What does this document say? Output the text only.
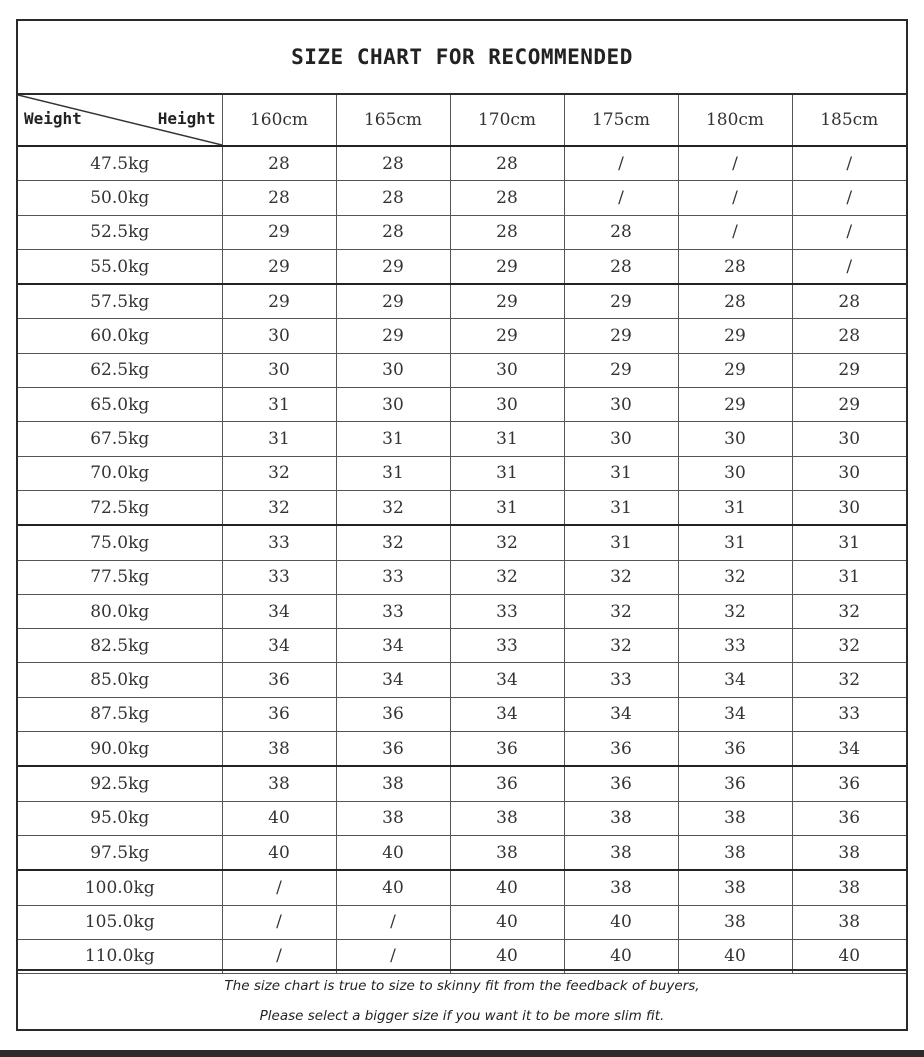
SIZE CHART FOR RECOMMENDED
Weight Height	160cm	165cm	170cm	175cm	180cm	185cm
47.5kg	28	28	28	/	/	/
50.0kg	28	28	28	/	/	/
52.5kg	29	28	28	28	/	/
55.0kg	29	29	29	28	28	/
57.5kg	29	29	29	29	28	28
60.0kg	30	29	29	29	29	28
62.5kg	30	30	30	29	29	29
65.0kg	31	30	30	30	29	29
67.5kg	31	31	31	30	30	30
70.0kg	32	31	31	31	30	30
72.5kg	32	32	31	31	31	30
75.0kg	33	32	32	31	31	31
77.5kg	33	33	32	32	32	31
80.0kg	34	33	33	32	32	32
82.5kg	34	34	33	32	33	32
85.0kg	36	34	34	33	34	32
87.5kg	36	36	34	34	34	33
90.0kg	38	36	36	36	36	34
92.5kg	38	38	36	36	36	36
95.0kg	40	38	38	38	38	36
97.5kg	40	40	38	38	38	38
100.0kg	/	40	40	38	38	38
105.0kg	/	/	40	40	38	38
110.0kg	/	/	40	40	40	40
The size chart is true to size to skinny fit from the feedback of buyers,
Please select a bigger size if you want it to be more slim fit.
